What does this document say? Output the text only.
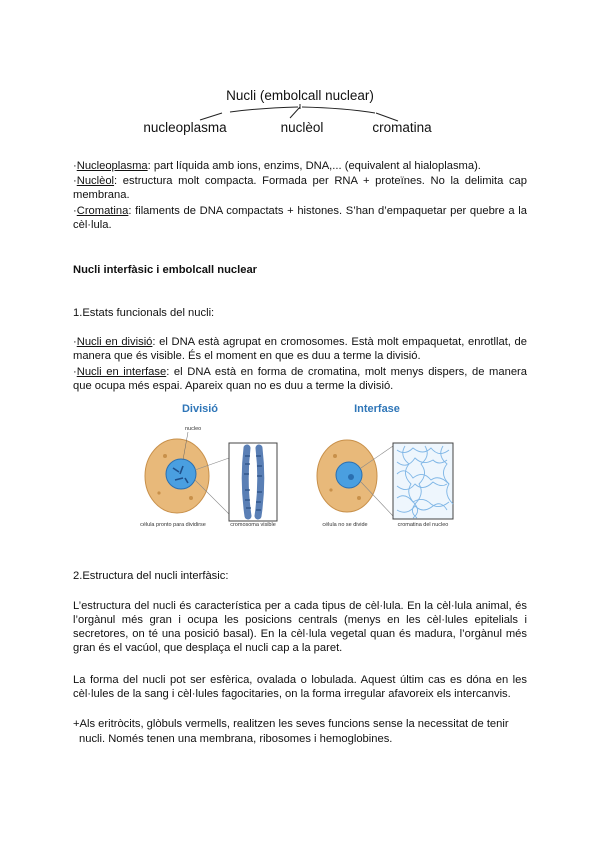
Nucli (embolcall nuclear)
nucleoplasma	nuclèol	cromatina
·Nucleoplasma: part líquida amb ions, enzims, DNA,... (equivalent al hialoplasma).
·Nuclèol: estructura molt compacta. Formada per RNA + proteïnes. No la delimita cap membrana.
·Cromatina: filaments de DNA compactats + histones. S’han d’empaquetar per quebre a la cèl·lula.
Nucli interfàsic i embolcall nuclear
1.Estats funcionals del nucli:
·Nucli en divisió: el DNA està agrupat en cromosomes. Està molt empaquetat, enrotllat, de manera que és visible. És el moment en que es duu a terme la divisió.
·Nucli en interfase: el DNA està en forma de cromatina, molt menys dispers, de manera que ocupa més espai. Apareix quan no es duu a terme la divisió.
Divisió	Interfase
nucleo
célula pronto para dividirse	cromosoma visible	célula no se divide	cromatina del nucleo
2.Estructura del nucli interfàsic:
L’estructura del nucli és característica per a cada tipus de cèl·lula. En la cèl·lula animal, és l’orgànul més gran i ocupa les posicions centrals (menys en les cèl·lules epitelials i secretores, on té una posició basal). En la cèl·lula vegetal quan és madura, l’orgànul més gran és el vacúol, que desplaça el nucli cap a la paret.
La forma del nucli pot ser esfèrica, ovalada o lobulada. Aquest últim cas es dóna en les cèl·lules de la sang i cèl·lules fagocitaries, on la forma irregular afavoreix els intercanvis.
+Als eritròcits, glòbuls vermells, realitzen les seves funcions sense la necessitat de tenir
nucli. Només tenen una membrana, ribosomes i hemoglobines.
